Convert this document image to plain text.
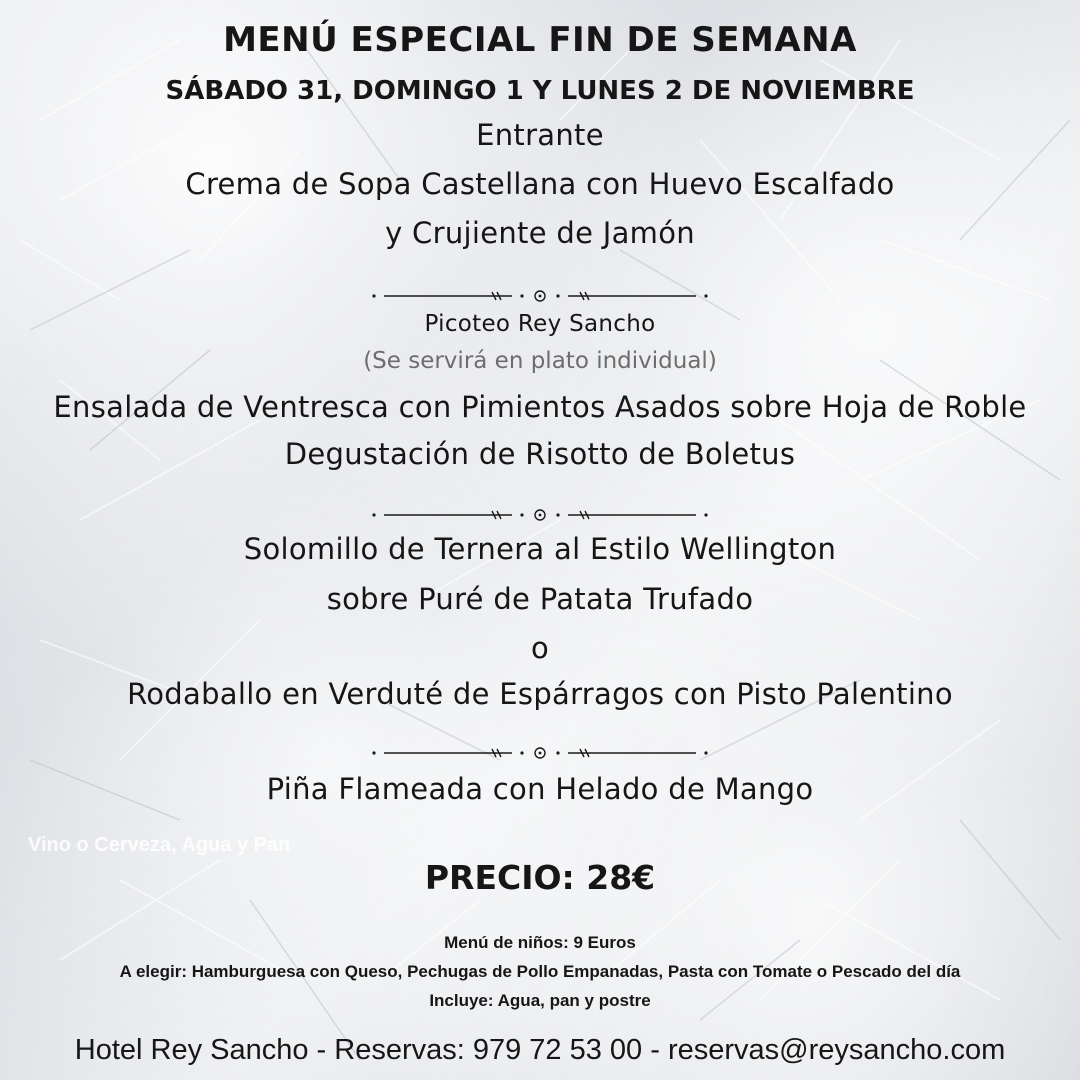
MENÚ ESPECIAL FIN DE SEMANA
SÁBADO 31, DOMINGO 1 Y LUNES 2 DE NOVIEMBRE
Entrante
Crema de Sopa Castellana con Huevo Escalfado
y Crujiente de Jamón
Picoteo Rey Sancho
(Se servirá en plato individual)
Ensalada de Ventresca con Pimientos Asados sobre Hoja de Roble
Degustación de Risotto de Boletus
Solomillo de Ternera al Estilo Wellington
sobre Puré de Patata Trufado
o
Rodaballo en Verduté de Espárragos con Pisto Palentino
Piña Flameada con Helado de Mango
Vino o Cerveza, Agua y Pan
PRECIO: 28€
Menú de niños: 9 Euros
A elegir: Hamburguesa con Queso, Pechugas de Pollo Empanadas, Pasta con Tomate o Pescado del día
Incluye: Agua, pan y postre
Hotel Rey Sancho - Reservas: 979 72 53 00 - reservas@reysancho.com
